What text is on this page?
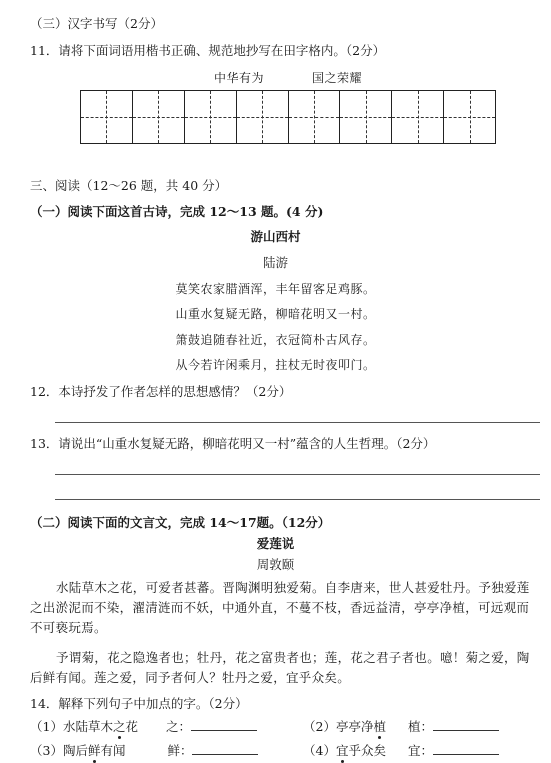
（三）汉字书写（2分）
11．请将下面词语用楷书正确、规范地抄写在田字格内。（2分）
中华有为	国之荣耀
三、阅读（12～26 题，共 40 分）
（一）阅读下面这首古诗，完成 12～13 题。(4 分)
游山西村
陆游
莫笑农家腊酒浑，丰年留客足鸡豚。
山重水复疑无路，柳暗花明又一村。
箫鼓追随春社近，衣冠简朴古风存。
从今若许闲乘月，拄杖无时夜叩门。
12．本诗抒发了作者怎样的思想感情？（2分）
13．请说出“山重水复疑无路，柳暗花明又一村”蕴含的人生哲理。（2分）
（二）阅读下面的文言文，完成 14～17题。（12分）
爱莲说
周敦颐
水陆草木之花，可爱者甚蕃。晋陶渊明独爱菊。自李唐来，世人甚爱牡丹。予独爱莲之出淤泥而不染，濯清涟而不妖，中通外直，不蔓不枝，香远益清，亭亭净植，可远观而不可亵玩焉。
予谓菊，花之隐逸者也；牡丹，花之富贵者也；莲，花之君子者也。噫！菊之爱，陶后鲜有闻。莲之爱，同予者何人？牡丹之爱，宜乎众矣。
14．解释下列句子中加点的字。（2分）
（1）水陆草木之花 之：	（2）亭亭净植 植：
（3）陶后鲜有闻	鲜：	（4）宜乎众矣 宜：
